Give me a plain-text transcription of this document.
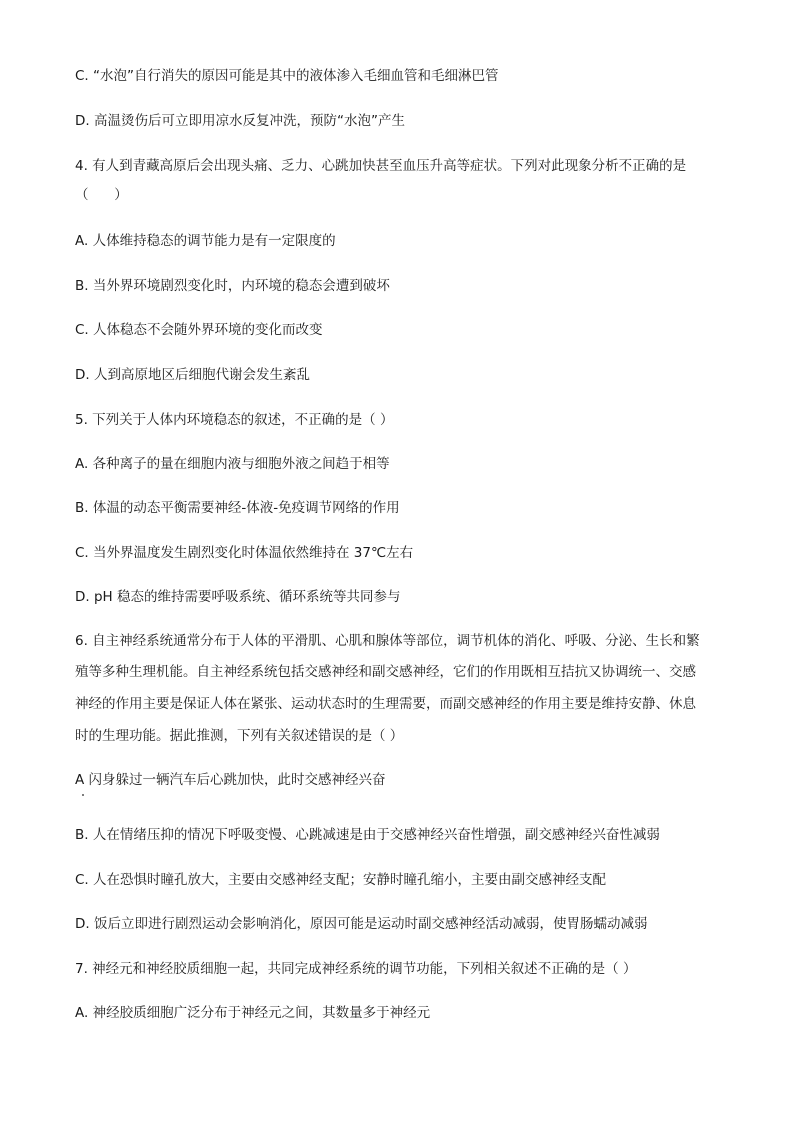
C. “水泡”自行消失的原因可能是其中的液体渗入毛细血管和毛细淋巴管
D. 高温烫伤后可立即用凉水反复冲洗，预防“水泡”产生
4. 有人到青藏高原后会出现头痛、乏力、心跳加快甚至血压升高等症状。下列对此现象分析不正确的是
（      ）
A. 人体维持稳态的调节能力是有一定限度的
B. 当外界环境剧烈变化时，内环境的稳态会遭到破坏
C. 人体稳态不会随外界环境的变化而改变
D. 人到高原地区后细胞代谢会发生紊乱
5. 下列关于人体内环境稳态的叙述，不正确的是（ ）
A. 各种离子的量在细胞内液与细胞外液之间趋于相等
B. 体温的动态平衡需要神经-体液-免疫调节网络的作用
C. 当外界温度发生剧烈变化时体温依然维持在 37℃左右
D. pH 稳态的维持需要呼吸系统、循环系统等共同参与
6. 自主神经系统通常分布于人体的平滑肌、心肌和腺体等部位，调节机体的消化、呼吸、分泌、生长和繁
殖等多种生理机能。自主神经系统包括交感神经和副交感神经，它们的作用既相互拮抗又协调统一、交感
神经的作用主要是保证人体在紧张、运动状态时的生理需要，而副交感神经的作用主要是维持安静、休息
时的生理功能。据此推测，下列有关叙述错误的是（ ）
A 闪身躲过一辆汽车后心跳加快，此时交感神经兴奋
B. 人在情绪压抑的情况下呼吸变慢、心跳减速是由于交感神经兴奋性增强，副交感神经兴奋性减弱
C. 人在恐惧时瞳孔放大，主要由交感神经支配；安静时瞳孔缩小，主要由副交感神经支配
D. 饭后立即进行剧烈运动会影响消化，原因可能是运动时副交感神经活动减弱，使胃肠蠕动减弱
7. 神经元和神经胶质细胞一起，共同完成神经系统的调节功能，下列相关叙述不正确的是（ ）
A. 神经胶质细胞广泛分布于神经元之间，其数量多于神经元
